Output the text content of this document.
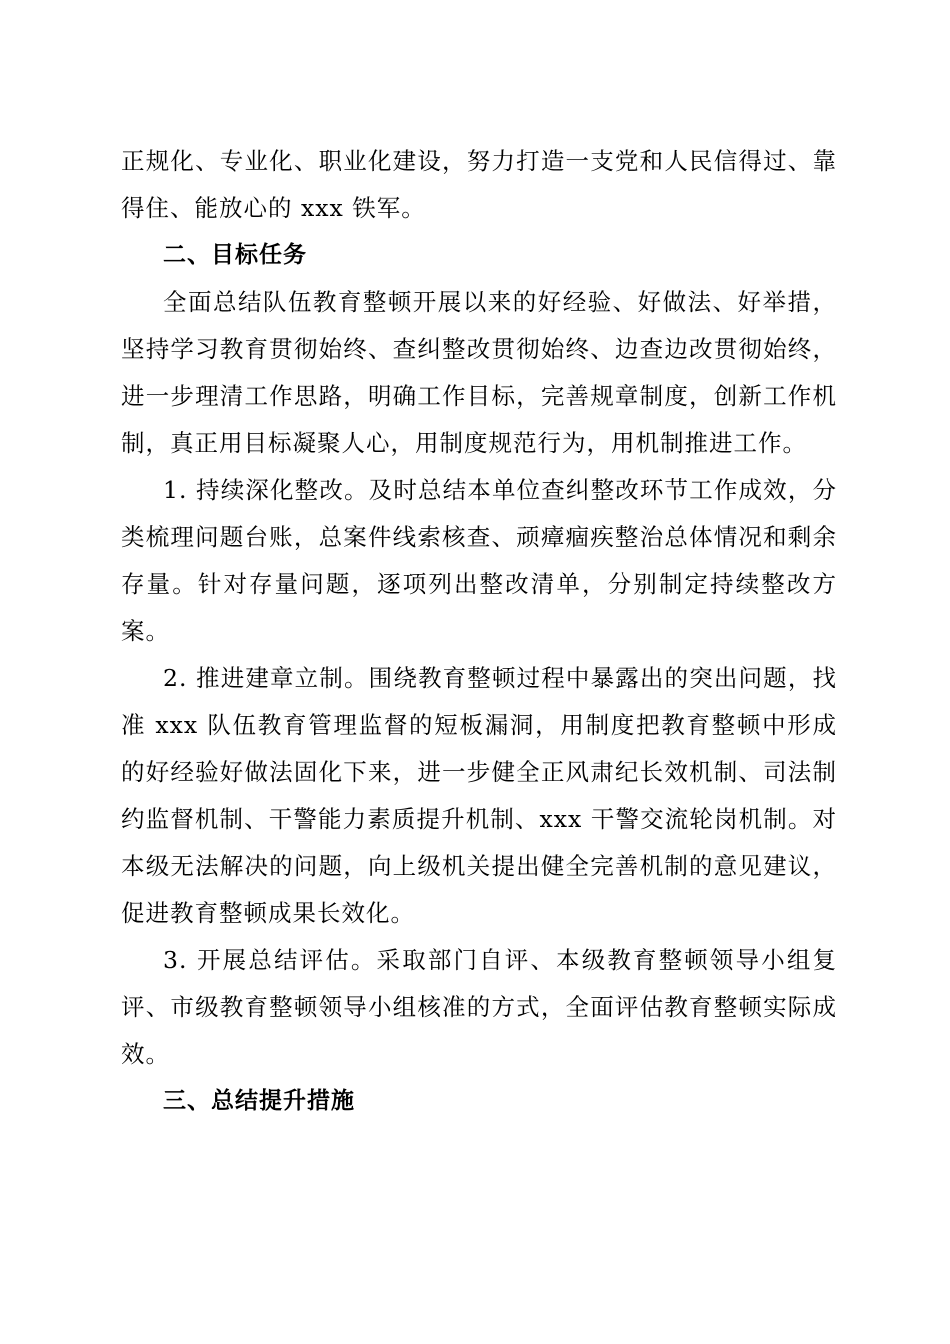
正规化、专业化、职业化建设，努力打造一支党和人民信得过、靠得住、能放心的 xxx 铁军。

二、目标任务

全面总结队伍教育整顿开展以来的好经验、好做法、好举措，坚持学习教育贯彻始终、查纠整改贯彻始终、边查边改贯彻始终，进一步理清工作思路，明确工作目标，完善规章制度，创新工作机制，真正用目标凝聚人心，用制度规范行为，用机制推进工作。

1. 持续深化整改。及时总结本单位查纠整改环节工作成效，分类梳理问题台账，总案件线索核查、顽瘴痼疾整治总体情况和剩余存量。针对存量问题，逐项列出整改清单，分别制定持续整改方案。

2. 推进建章立制。围绕教育整顿过程中暴露出的突出问题，找准 xxx 队伍教育管理监督的短板漏洞，用制度把教育整顿中形成的好经验好做法固化下来，进一步健全正风肃纪长效机制、司法制约监督机制、干警能力素质提升机制、xxx 干警交流轮岗机制。对本级无法解决的问题，向上级机关提出健全完善机制的意见建议，促进教育整顿成果长效化。

3. 开展总结评估。采取部门自评、本级教育整顿领导小组复评、市级教育整顿领导小组核准的方式，全面评估教育整顿实际成效。

三、总结提升措施
